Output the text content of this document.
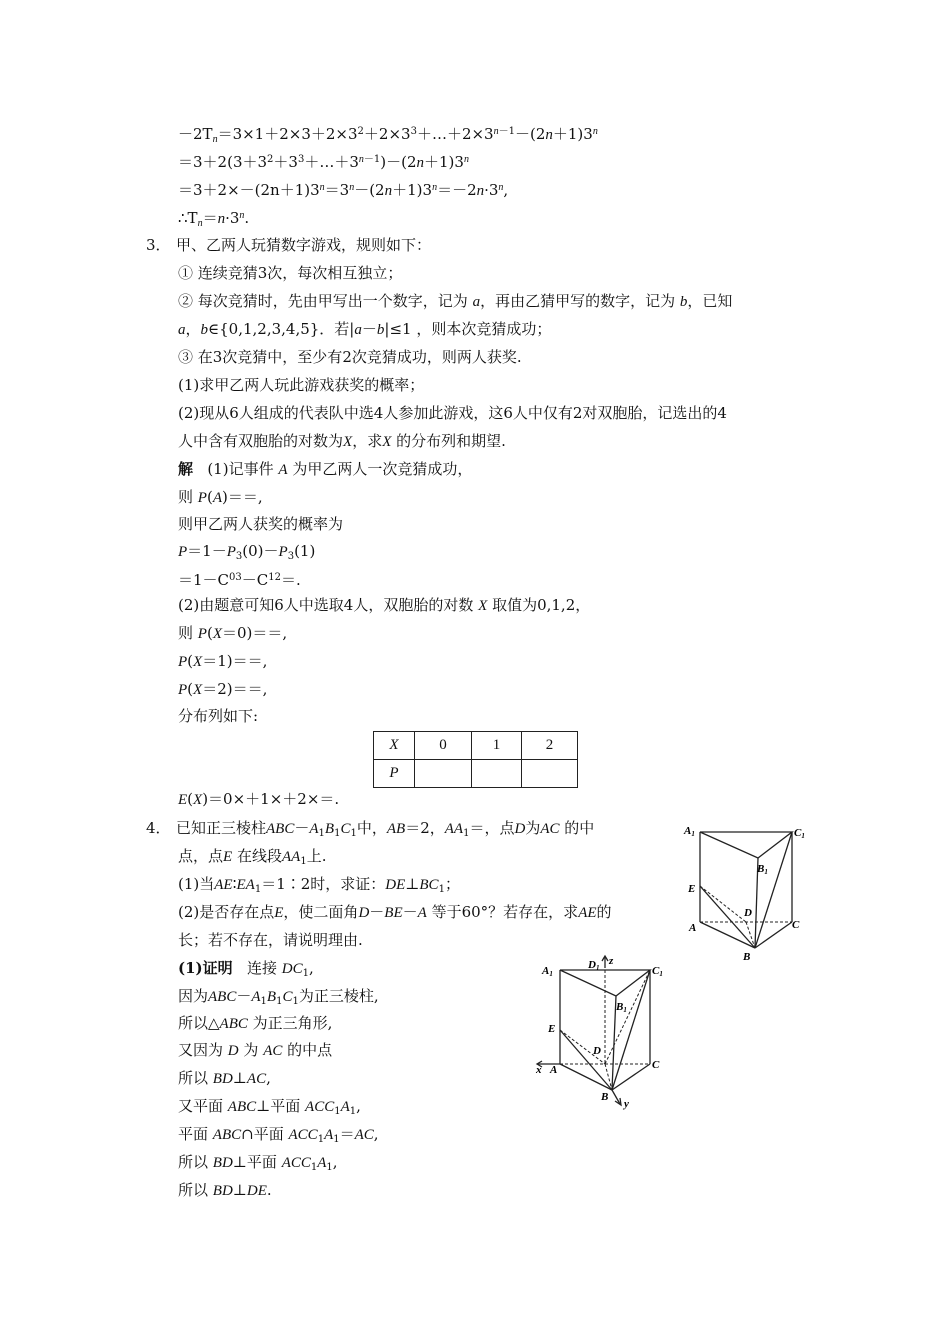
$-2T_n=3\times 1+2\times 3+2\times 3^2+2\times 3^3+\dots+2\times 3^{n-1}-(2n+1)3^n$
$=3+2(3+3^2+3^3+\dots+3^{n-1})-(2n+1)3^n$
$=3+2\times-(2n+1)3^n=3^n-(2n+1)3^n=-2n\cdot 3^n$,
$\therefore T_n=n\cdot 3^n$.
3． 甲、乙两人玩猜数字游戏，规则如下：
① 连续竞猜3次，每次相互独立；
② 每次竞猜时，先由甲写出一个数字，记为 a，再由乙猜甲写的数字，记为 b，已知
a，b∈{0,1,2,3,4,5}．若|a－b|≤1 ，则本次竞猜成功；
③ 在3次竞猜中，至少有2次竞猜成功，则两人获奖.
(1)求甲乙两人玩此游戏获奖的概率；
(2)现从6人组成的代表队中选4人参加此游戏，这6人中仅有2对双胞胎，记选出的4
人中含有双胞胎的对数为X，求X 的分布列和期望.
解 (1)记事件 A 为甲乙两人一次竞猜成功，
则 P(A)＝＝,
则甲乙两人获奖的概率为
$P=1-P_3(0)-P_3(1)$
$=1-C^{03}-C^{12}=$.
(2)由题意可知6人中选取4人，双胞胎的对数 X 取值为0,1,2，
则 P(X＝0)＝＝,
P(X＝1)＝＝,
P(X＝2)＝＝,
分布列如下:
X	0	1	2
P			
E(X)＝0×＋1×＋2×＝.
4． 已知正三棱柱$ABC-A_1B_1C_1$中，AB＝2，$AA_1=$，点D为AC 的中
点，点E 在线段$AA_1$上.
(1)当$AE∶EA_1=1∶2$时，求证：$DE\perp BC_1$；
(2)是否存在点E，使二面角D－BE－A 等于60°？若存在，求AE的
长；若不存在，请说明理由.
(1)证明 连接 $DC_1$,
因为$ABC-A_1B_1C_1$为正三棱柱,
所以△ABC 为正三角形,
又因为 D 为 AC 的中点
所以 BD⊥AC,
又平面 ABC⊥平面 $ACC_1A_1$,
平面 ABC∩平面 $ACC_1A_1=AC$,
所以 BD⊥平面 $ACC_1A_1$,
所以 BD⊥DE.
A1	C1
B1
E
D
A	C
B
A1
D1
z
C1
B1
E
D
x A	C
B
y
